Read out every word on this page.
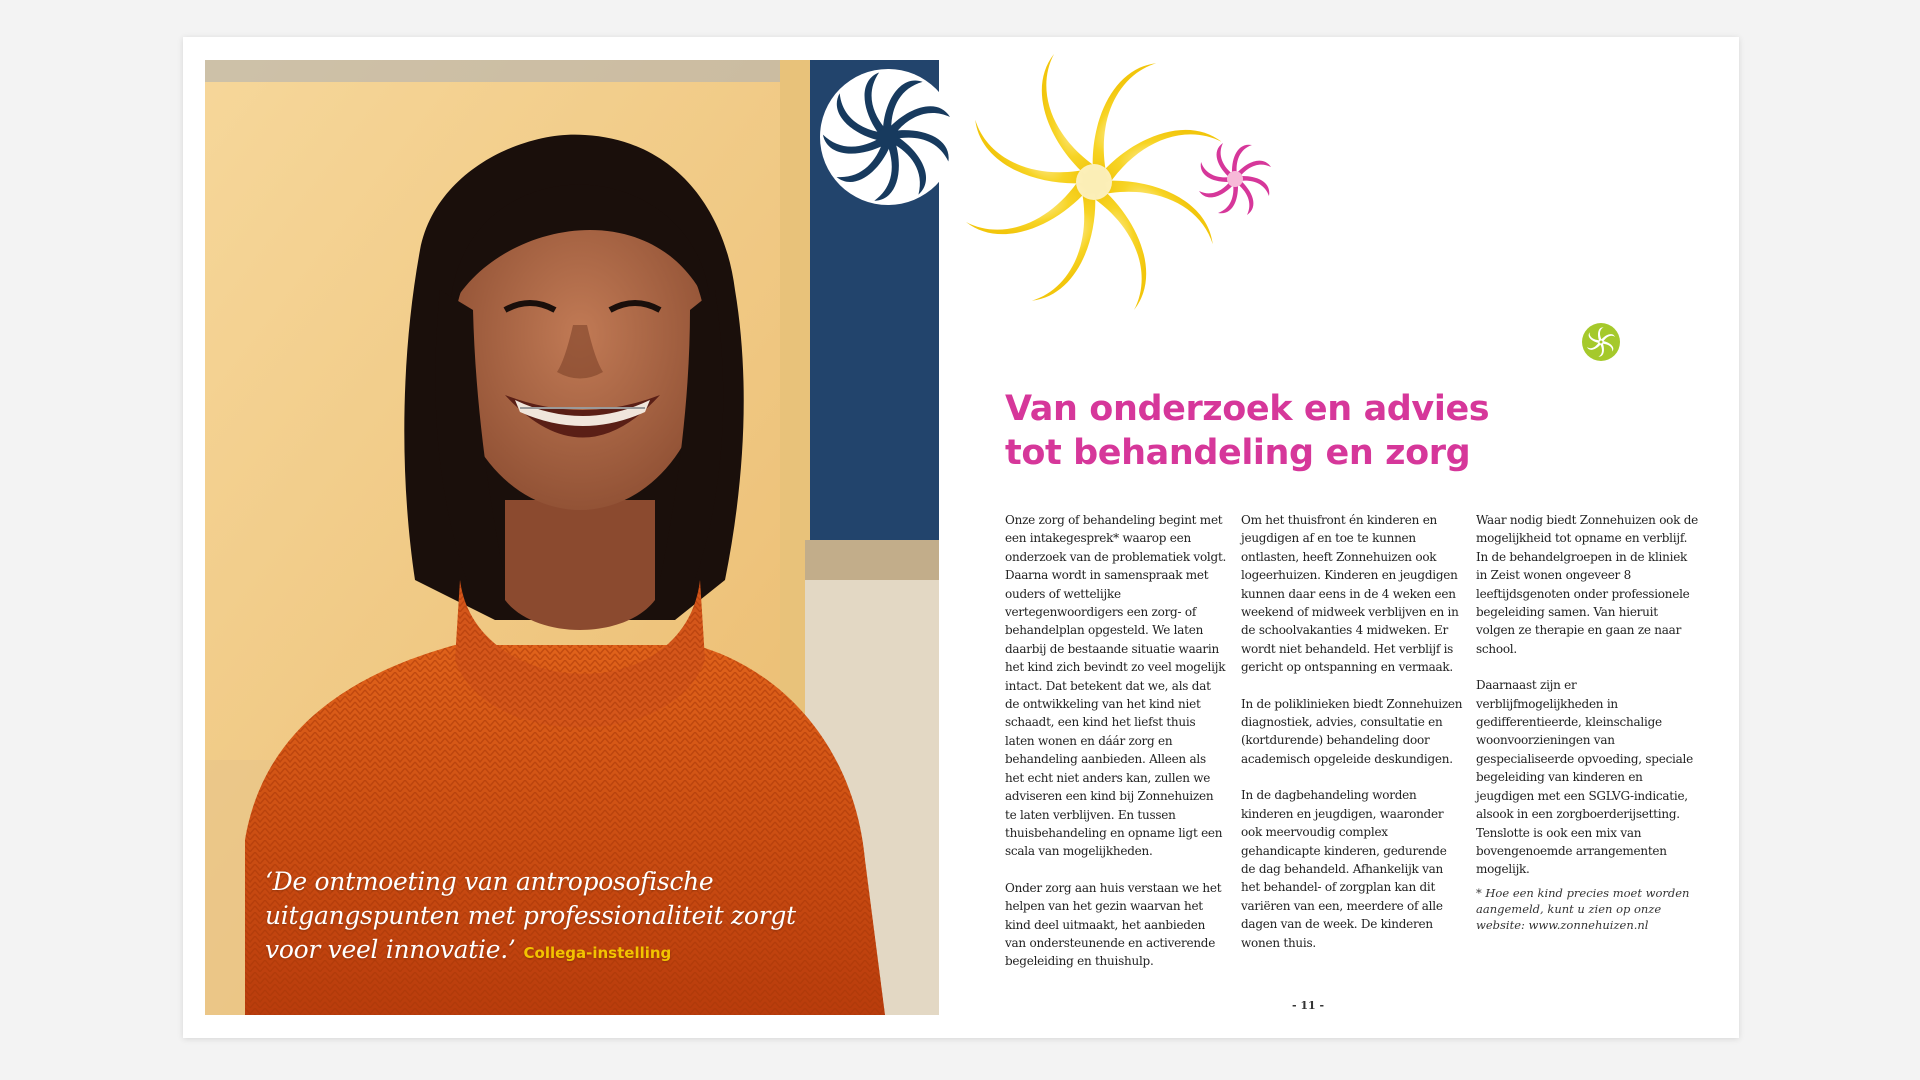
‘De ontmoeting van antroposofische uitgangspunten met professionaliteit zorgt voor veel innovatie.’ Collega-instelling
Van onderzoek en advies
tot behandeling en zorg

Onze zorg of behandeling begint met een intakegesprek* waarop een onderzoek van de problematiek volgt. Daarna wordt in samenspraak met ouders of wettelijke vertegenwoordigers een zorg- of behandelplan opgesteld. We laten daarbij de bestaande situatie waarin het kind zich bevindt zo veel mogelijk intact. Dat betekent dat we, als dat de ontwikkeling van het kind niet schaadt, een kind het liefst thuis laten wonen en dáár zorg en behandeling aanbieden. Alleen als het echt niet anders kan, zullen we adviseren een kind bij Zonnehuizen te laten verblijven. En tussen thuisbehandeling en opname ligt een scala van mogelijkheden.

Onder zorg aan huis verstaan we het helpen van het gezin waarvan het kind deel uitmaakt, het aanbieden van ondersteunende en activerende begeleiding en thuishulp.

Om het thuisfront én kinderen en jeugdigen af en toe te kunnen ontlasten, heeft Zonnehuizen ook logeerhuizen. Kinderen en jeugdigen kunnen daar eens in de 4 weken een weekend of midweek verblijven en in de schoolvakanties 4 midweken. Er wordt niet behandeld. Het verblijf is gericht op ontspanning en vermaak.

In de poliklinieken biedt Zonnehuizen diagnostiek, advies, consultatie en (kortdurende) behandeling door academisch opgeleide deskundigen.

In de dagbehandeling worden kinderen en jeugdigen, waaronder ook meervoudig complex gehandicapte kinderen, gedurende de dag behandeld. Afhankelijk van het behandel- of zorgplan kan dit variëren van een, meerdere of alle dagen van de week. De kinderen wonen thuis.

Waar nodig biedt Zonnehuizen ook de mogelijkheid tot opname en verblijf. In de behandelgroepen in de kliniek in Zeist wonen ongeveer 8 leeftijdsgenoten onder professionele begeleiding samen. Van hieruit volgen ze therapie en gaan ze naar school.

Daarnaast zijn er verblijfmogelijkheden in gedifferentieerde, kleinschalige woonvoorzieningen van gespecialiseerde opvoeding, speciale begeleiding van kinderen en jeugdigen met een SGLVG-indicatie, alsook in een zorgboerderijsetting. Tenslotte is ook een mix van bovengenoemde arrangementen mogelijk.

* Hoe een kind precies moet worden aangemeld, kunt u zien op onze website: www.zonnehuizen.nl
- 11 -
